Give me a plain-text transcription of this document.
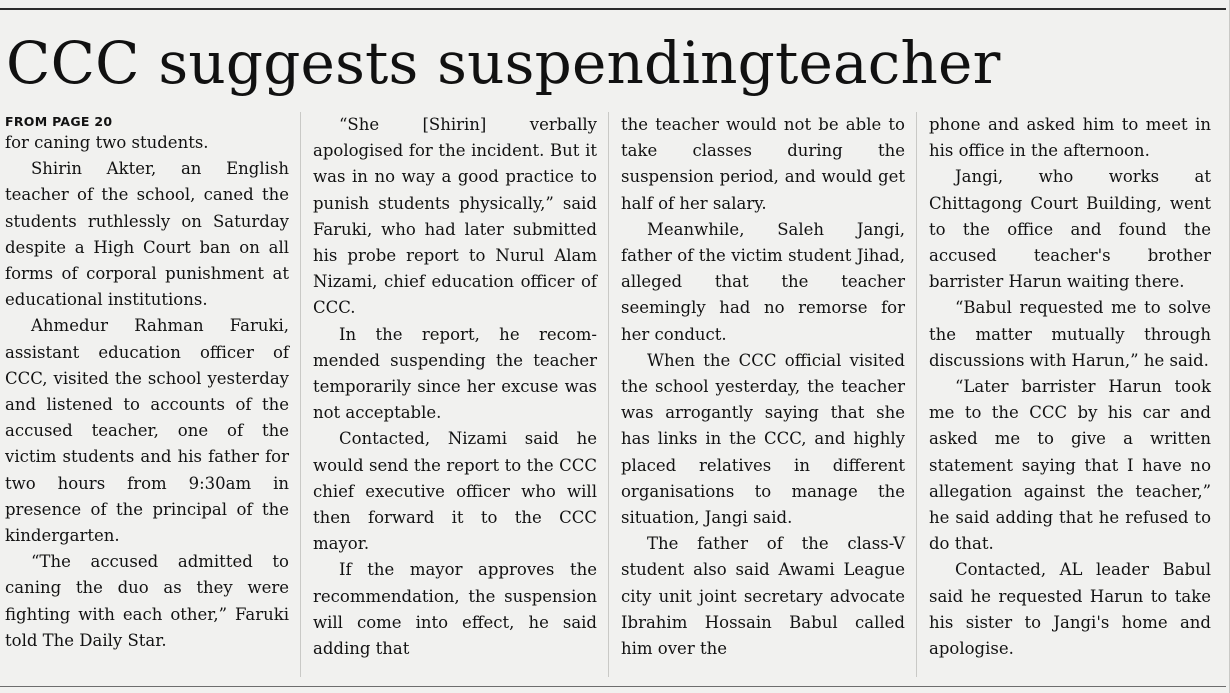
CCC suggests suspendingteacher
FROM PAGE 20

for caning two students.

Shirin Akter, an English teacher of the school, caned the students ruthlessly on Saturday despite a High Court ban on all forms of corporal punishment at educational institutions.

Ahmedur Rahman Faruki, assistant education officer of CCC, visited the school yesterday and listened to accounts of the accused teacher, one of the victim students and his father for two hours from 9:30am in presence of the principal of the kindergarten.

“The accused admitted to caning the duo as they were fighting with each other,” Faruki told The Daily Star.

“She [Shirin] verbally apologised for the incident. But it was in no way a good practice to punish students physically,” said Faruki, who had later submitted his probe report to Nurul Alam Nizami, chief education officer of CCC.

In the report, he recommended suspending the teacher temporarily since her excuse was not acceptable.

Contacted, Nizami said he would send the report to the CCC chief executive officer who will then forward it to the CCC mayor.

If the mayor approves the recommendation, the suspension will come into effect, he said adding that

the teacher would not be able to take classes during the suspension period, and would get half of her salary.

Meanwhile, Saleh Jangi, father of the victim student Jihad, alleged that the teacher seemingly had no remorse for her conduct.

When the CCC official visited the school yesterday, the teacher was arrogantly saying that she has links in the CCC, and highly placed relatives in different organisations to manage the situation, Jangi said.

The father of the class-V student also said Awami League city unit joint secretary advocate Ibrahim Hossain Babul called him over the

phone and asked him to meet in his office in the afternoon.

Jangi, who works at Chittagong Court Building, went to the office and found the accused teacher's brother barrister Harun waiting there.

“Babul requested me to solve the matter mutually through discussions with Harun,” he said.

“Later barrister Harun took me to the CCC by his car and asked me to give a written statement saying that I have no allegation against the teacher,” he said adding that he refused to do that.

Contacted, AL leader Babul said he requested Harun to take his sister to Jangi's home and apologise.
